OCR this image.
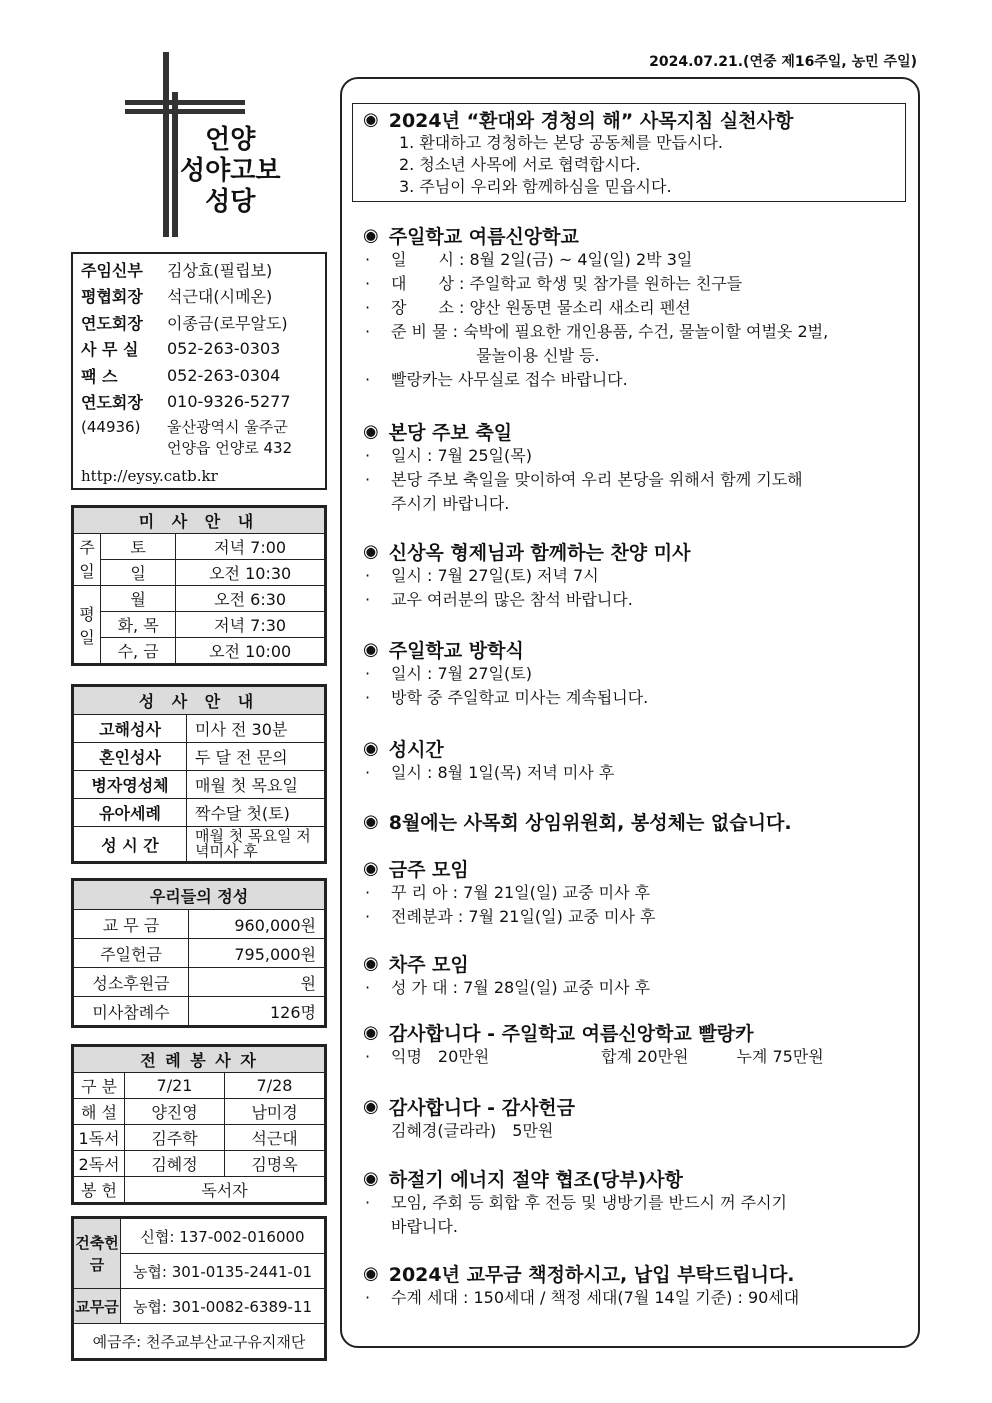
2024.07.21.(연중 제16주일, 농민 주일)
언양
성야고보
성당
주임신부	김상효(필립보)
평협회장	석근대(시메온)
연도회장	이종금(로무알도)
사 무 실	052-263-0303
팩 스	052-263-0304
연도회장	010-9326-5277
(44936)	울산광역시 울주군
언양읍 언양로 432
http://eysy.catb.kr
미 사 안 내		
주일	토	저녁 7:00
	일	오전 10:30
평일	월	오전 6:30
	화, 목	저녁 7:30
	수, 금	오전 10:00
성 사 안 내	
고해성사	미사 전 30분
혼인성사	두 달 전 문의
병자영성체	매월 첫 목요일
유아세례	짝수달 첫(토)
성 시 간	매월 첫 목요일 저녁미사 후
우리들의 정성	
교 무 금	960,000원
주일헌금	795,000원
성소후원금	원
미사참례수	126명
전 례 봉 사 자		
구 분	7/21	7/28
해 설	양진영	남미경
1독서	김주학	석근대
2독서	김혜정	김명옥
봉 헌	독서자	
건축헌금	신협: 137-002-016000
	농협: 301-0135-2441-01
교무금	농협: 301-0082-6389-11
예금주: 천주교부산교구유지재단	
◉ 2024년 “환대와 경청의 해” 사목지침 실천사항
1. 환대하고 경청하는 본당 공동체를 만듭시다.
2. 청소년 사목에 서로 협력합시다.
3. 주님이 우리와 함께하심을 믿읍시다.
◉ 주일학교 여름신앙학교
·	일　　시 : 8월 2일(금) ~ 4일(일) 2박 3일
·	대　　상 : 주일학교 학생 및 참가를 원하는 친구들
·	장　　소 : 양산 원동면 물소리 새소리 펜션
·	준 비 물 : 숙박에 필요한 개인용품, 수건, 물놀이할 여벌옷 2벌,
　　　　　 물놀이용 신발 등.
·	빨랑카는 사무실로 접수 바랍니다.
◉ 본당 주보 축일
·	일시 : 7월 25일(목)
·	본당 주보 축일을 맞이하여 우리 본당을 위해서 함께 기도해
주시기 바랍니다.
◉ 신상옥 형제님과 함께하는 찬양 미사
·	일시 : 7월 27일(토) 저녁 7시
·	교우 여러분의 많은 참석 바랍니다.
◉ 주일학교 방학식
·	일시 : 7월 27일(토)
·	방학 중 주일학교 미사는 계속됩니다.
◉ 성시간
·	일시 : 8월 1일(목) 저녁 미사 후
◉ 8월에는 사목회 상임위원회, 봉성체는 없습니다.
◉ 금주 모임
·	꾸 리 아 : 7월 21일(일) 교중 미사 후
·	전례분과 : 7월 21일(일) 교중 미사 후
◉ 차주 모임
·	성 가 대 : 7월 28일(일) 교중 미사 후
◉ 감사합니다 - 주일학교 여름신앙학교 빨랑카
·	익명　20만원　　　　　　　합계 20만원　　　누계 75만원
◉ 감사합니다 - 감사헌금
김혜경(글라라)　5만원
◉ 하절기 에너지 절약 협조(당부)사항
·	모임, 주회 등 회합 후 전등 및 냉방기를 반드시 꺼 주시기
바랍니다.
◉ 2024년 교무금 책정하시고, 납입 부탁드립니다.
·	수계 세대 : 150세대 / 책정 세대(7월 14일 기준) : 90세대
